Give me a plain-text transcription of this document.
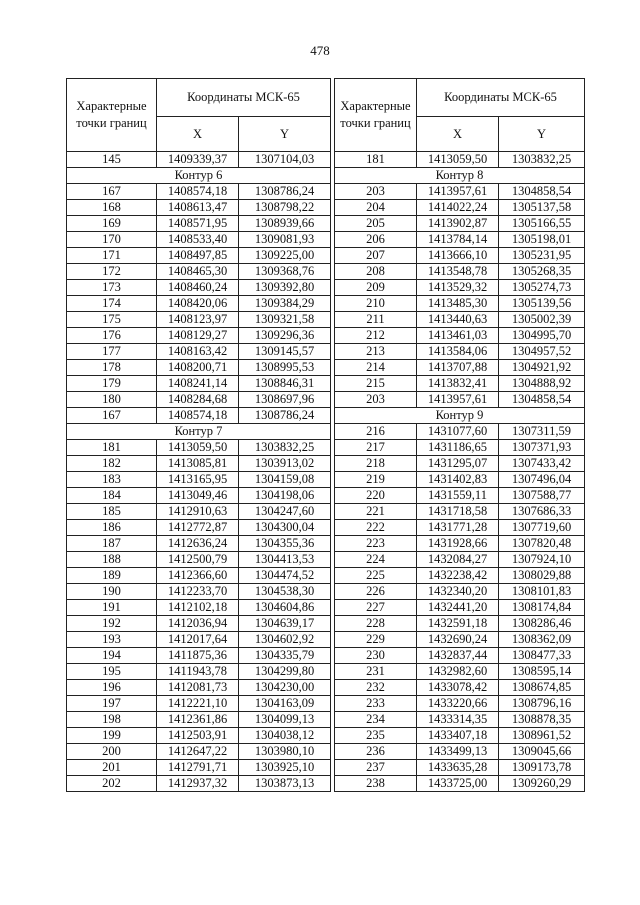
478
Характерные точки границ	Координаты МСК-65	
	X	Y
145	1409339,37	1307104,03
Контур 6		
167	1408574,18	1308786,24
168	1408613,47	1308798,22
169	1408571,95	1308939,66
170	1408533,40	1309081,93
171	1408497,85	1309225,00
172	1408465,30	1309368,76
173	1408460,24	1309392,80
174	1408420,06	1309384,29
175	1408123,97	1309321,58
176	1408129,27	1309296,36
177	1408163,42	1309145,57
178	1408200,71	1308995,53
179	1408241,14	1308846,31
180	1408284,68	1308697,96
167	1408574,18	1308786,24
Контур 7		
181	1413059,50	1303832,25
182	1413085,81	1303913,02
183	1413165,95	1304159,08
184	1413049,46	1304198,06
185	1412910,63	1304247,60
186	1412772,87	1304300,04
187	1412636,24	1304355,36
188	1412500,79	1304413,53
189	1412366,60	1304474,52
190	1412233,70	1304538,30
191	1412102,18	1304604,86
192	1412036,94	1304639,17
193	1412017,64	1304602,92
194	1411875,36	1304335,79
195	1411943,78	1304299,80
196	1412081,73	1304230,00
197	1412221,10	1304163,09
198	1412361,86	1304099,13
199	1412503,91	1304038,12
200	1412647,22	1303980,10
201	1412791,71	1303925,10
202	1412937,32	1303873,13
Характерные точки границ	Координаты МСК-65	
	X	Y
181	1413059,50	1303832,25
Контур 8		
203	1413957,61	1304858,54
204	1414022,24	1305137,58
205	1413902,87	1305166,55
206	1413784,14	1305198,01
207	1413666,10	1305231,95
208	1413548,78	1305268,35
209	1413529,32	1305274,73
210	1413485,30	1305139,56
211	1413440,63	1305002,39
212	1413461,03	1304995,70
213	1413584,06	1304957,52
214	1413707,88	1304921,92
215	1413832,41	1304888,92
203	1413957,61	1304858,54
Контур 9		
216	1431077,60	1307311,59
217	1431186,65	1307371,93
218	1431295,07	1307433,42
219	1431402,83	1307496,04
220	1431559,11	1307588,77
221	1431718,58	1307686,33
222	1431771,28	1307719,60
223	1431928,66	1307820,48
224	1432084,27	1307924,10
225	1432238,42	1308029,88
226	1432340,20	1308101,83
227	1432441,20	1308174,84
228	1432591,18	1308286,46
229	1432690,24	1308362,09
230	1432837,44	1308477,33
231	1432982,60	1308595,14
232	1433078,42	1308674,85
233	1433220,66	1308796,16
234	1433314,35	1308878,35
235	1433407,18	1308961,52
236	1433499,13	1309045,66
237	1433635,28	1309173,78
238	1433725,00	1309260,29
